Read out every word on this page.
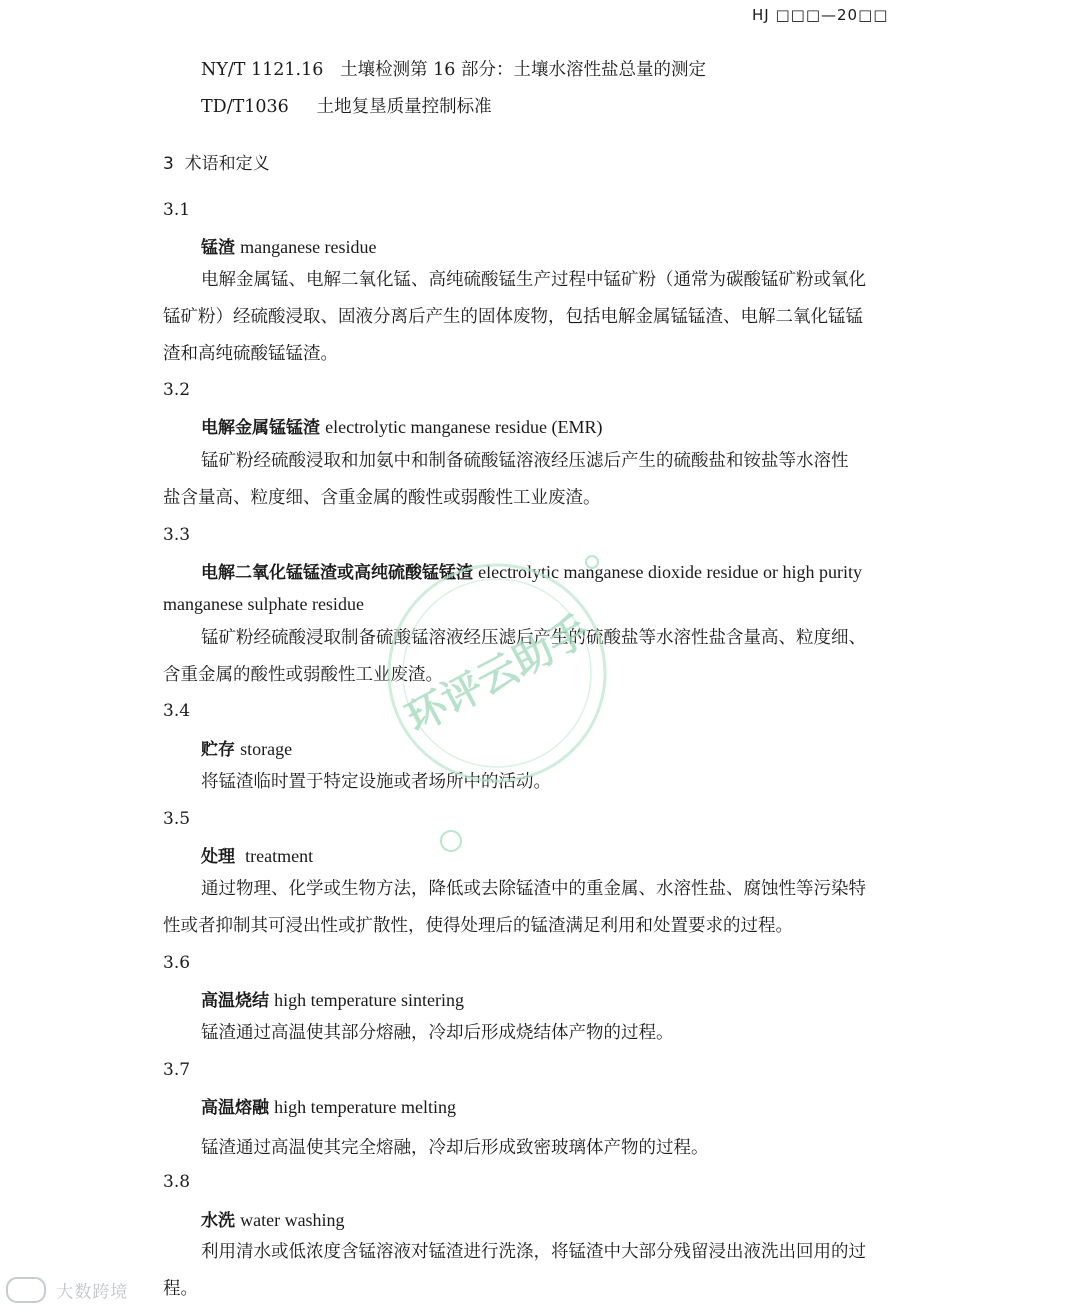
HJ □□□—20□□
NY/T 1121.16 土壤检测第 16 部分：土壤水溶性盐总量的测定
TD/T1036 土地复垦质量控制标准
3 术语和定义
3.1
锰渣 manganese residue
电解金属锰、电解二氧化锰、高纯硫酸锰生产过程中锰矿粉（通常为碳酸锰矿粉或氧化
锰矿粉）经硫酸浸取、固液分离后产生的固体废物，包括电解金属锰锰渣、电解二氧化锰锰
渣和高纯硫酸锰锰渣。
3.2
电解金属锰锰渣 electrolytic manganese residue (EMR)
锰矿粉经硫酸浸取和加氨中和制备硫酸锰溶液经压滤后产生的硫酸盐和铵盐等水溶性
盐含量高、粒度细、含重金属的酸性或弱酸性工业废渣。
3.3
电解二氧化锰锰渣或高纯硫酸锰锰渣 electrolytic manganese dioxide residue or high purity
manganese sulphate residue
锰矿粉经硫酸浸取制备硫酸锰溶液经压滤后产生的硫酸盐等水溶性盐含量高、粒度细、
含重金属的酸性或弱酸性工业废渣。
3.4
贮存 storage
将锰渣临时置于特定设施或者场所中的活动。
3.5
处理 treatment
通过物理、化学或生物方法，降低或去除锰渣中的重金属、水溶性盐、腐蚀性等污染特
性或者抑制其可浸出性或扩散性，使得处理后的锰渣满足利用和处置要求的过程。
3.6
高温烧结 high temperature sintering
锰渣通过高温使其部分熔融，冷却后形成烧结体产物的过程。
3.7
高温熔融 high temperature melting
锰渣通过高温使其完全熔融，冷却后形成致密玻璃体产物的过程。
3.8
水洗 water washing
利用清水或低浓度含锰溶液对锰渣进行洗涤，将锰渣中大部分残留浸出液洗出回用的过
程。
环评云助手
大数跨境
